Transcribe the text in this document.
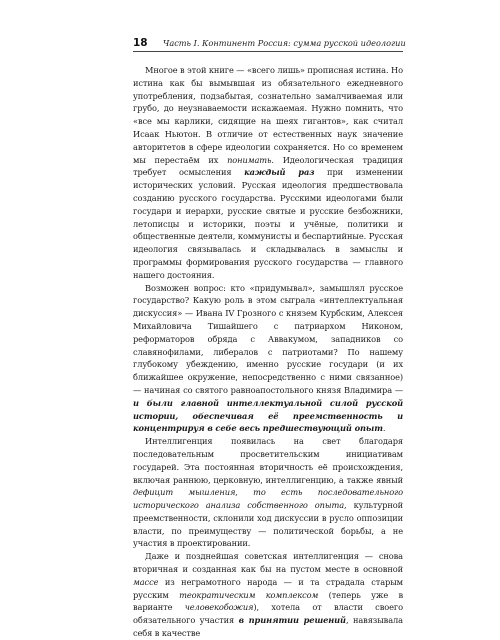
18 Часть I. Континент Россия: сумма русской идеологии

Многое в этой книге — «всего лишь» прописная истина. Но истина как бы вымывшая из обязательного ежедневного употребления, подзабытая, сознательно замалчиваемая или грубо, до неузнаваемости искажаемая. Нужно помнить, что «все мы карлики, сидящие на шеях гигантов», как считал Исаак Ньютон. В отличие от естественных наук значение авторитетов в сфере идеологии сохраняется. Но со временем мы перестаём их понимать. Идеологическая традиция требует осмысления каждый раз при изменении исторических условий. Русская идеология предшествовала созданию русского государства. Русскими идеологами были государи и иерархи, русские святые и русские безбожники, летописцы и историки, поэты и учёные, политики и общественные деятели, коммунисты и беспартийные. Русская идеология связывалась и складывалась в замыслы и программы формирования русского государства — главного нашего достояния.

Возможен вопрос: кто «придумывал», замышлял русское государство? Какую роль в этом сыграла «интеллектуальная дискуссия» — Ивана IV Грозного с князем Курбским, Алексея Михайловича Тишайшего с патриархом Никоном, реформаторов обряда с Аввакумом, западников со славянофилами, либералов с патриотами? По нашему глубокому убеждению, именно русские государи (и их ближайшее окружение, непосредственно с ними связанное) — начиная со святого равноапостольного князя Владимира — и были главной интеллектуальной силой русской истории, обеспечивая её преемственность и концентрируя в себе весь предшествующий опыт.

Интеллигенция появилась на свет благодаря последовательным просветительским инициативам государей. Эта постоянная вторичность её происхождения, включая раннюю, церковную, интеллигенцию, а также явный дефицит мышления, то есть последовательного исторического анализа собственного опыта, культурной преемственности, склонили ход дискуссии в русло оппозиции власти, по преимуществу — политической борьбы, а не участия в проектировании.

Даже и позднейшая советская интеллигенция — снова вторичная и созданная как бы на пустом месте в основной массе из неграмотного народа — и та страдала старым русским теократическим комплексом (теперь уже в варианте человекобожия), хотела от власти своего обязательного участия в принятии решений, навязывала себя в качестве
